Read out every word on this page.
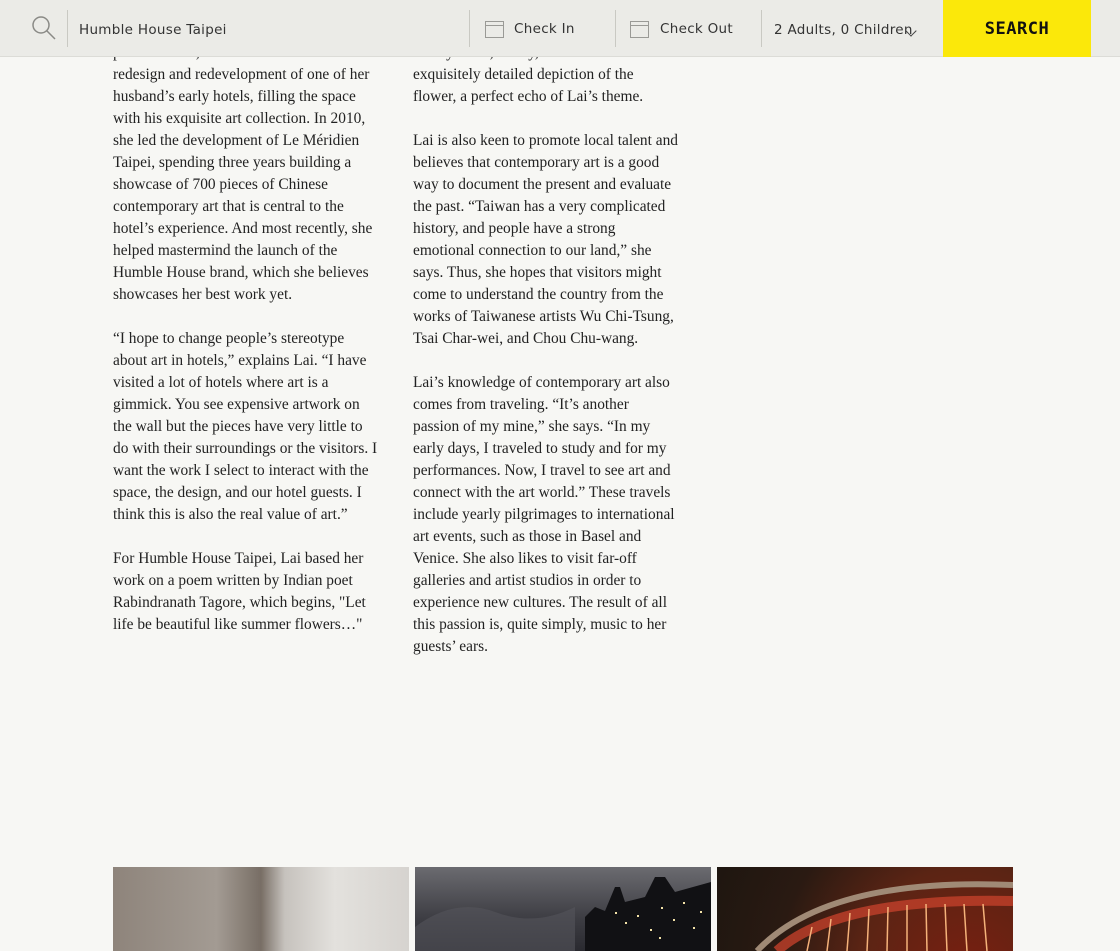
redesign and redevelopment of one of her husband’s early hotels, filling the space with his exquisite art collection. In 2010, she led the development of Le Méridien Taipei, spending three years building a showcase of 700 pieces of Chinese contemporary art that is central to the hotel’s experience. And most recently, she helped mastermind the launch of the Humble House brand, which she believes showcases her best work yet.

“I hope to change people’s stereotype about art in hotels,” explains Lai. “I have visited a lot of hotels where art is a gimmick. You see expensive artwork on the wall but the pieces have very little to do with their surroundings or the visitors. I want the work I select to interact with the space, the design, and our hotel guests. I think this is also the real value of art.”

For Humble House Taipei, Lai based her work on a poem written by Indian poet Rabindranath Tagore, which begins, "Let life be beautiful like summer flowers…"

exquisitely detailed depiction of the flower, a perfect echo of Lai’s theme.

Lai is also keen to promote local talent and believes that contemporary art is a good way to document the present and evaluate the past. “Taiwan has a very complicated history, and people have a strong emotional connection to our land,” she says. Thus, she hopes that visitors might come to understand the country from the works of Taiwanese artists Wu Chi-Tsung, Tsai Char-wei, and Chou Chu-wang.

Lai’s knowledge of contemporary art also comes from traveling. “It’s another passion of my mine,” she says. “In my early days, I traveled to study and for my performances. Now, I travel to see art and connect with the art world.” These travels include yearly pilgrimages to international art events, such as those in Basel and Venice. She also likes to visit far-off galleries and artist studios in order to experience new cultures. The result of all this passion is, quite simply, music to her guests’ ears.

Humble House Taipei
Check In	Check Out	2 Adults, 0 Children	SEARCH
